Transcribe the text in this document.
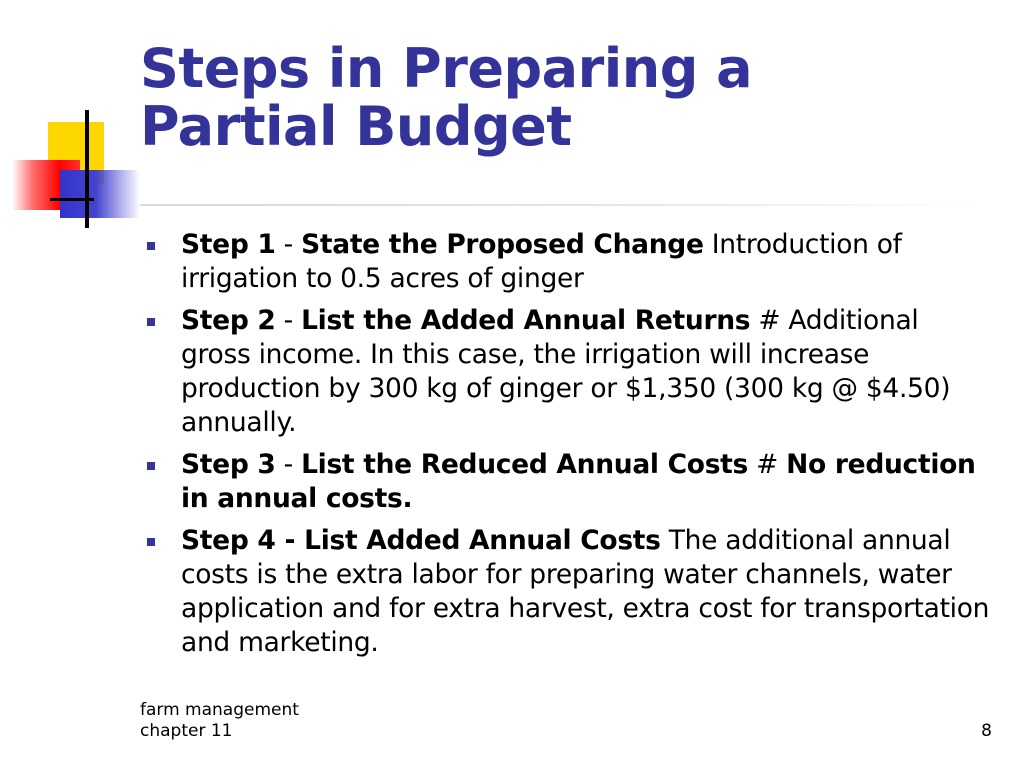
Steps in Preparing a
Partial Budget
Step 1 - State the Proposed Change Introduction of irrigation to 0.5 acres of ginger
Step 2 - List the Added Annual Returns # Additional gross income. In this case, the irrigation will increase production by 300 kg of ginger or $1,350 (300 kg @ $4.50) annually.
Step 3 - List the Reduced Annual Costs # No reduction in annual costs.
Step 4 - List Added Annual Costs The additional annual costs is the extra labor for preparing water channels, water application and for extra harvest, extra cost for transportation and marketing.
farm management
chapter 11	8
